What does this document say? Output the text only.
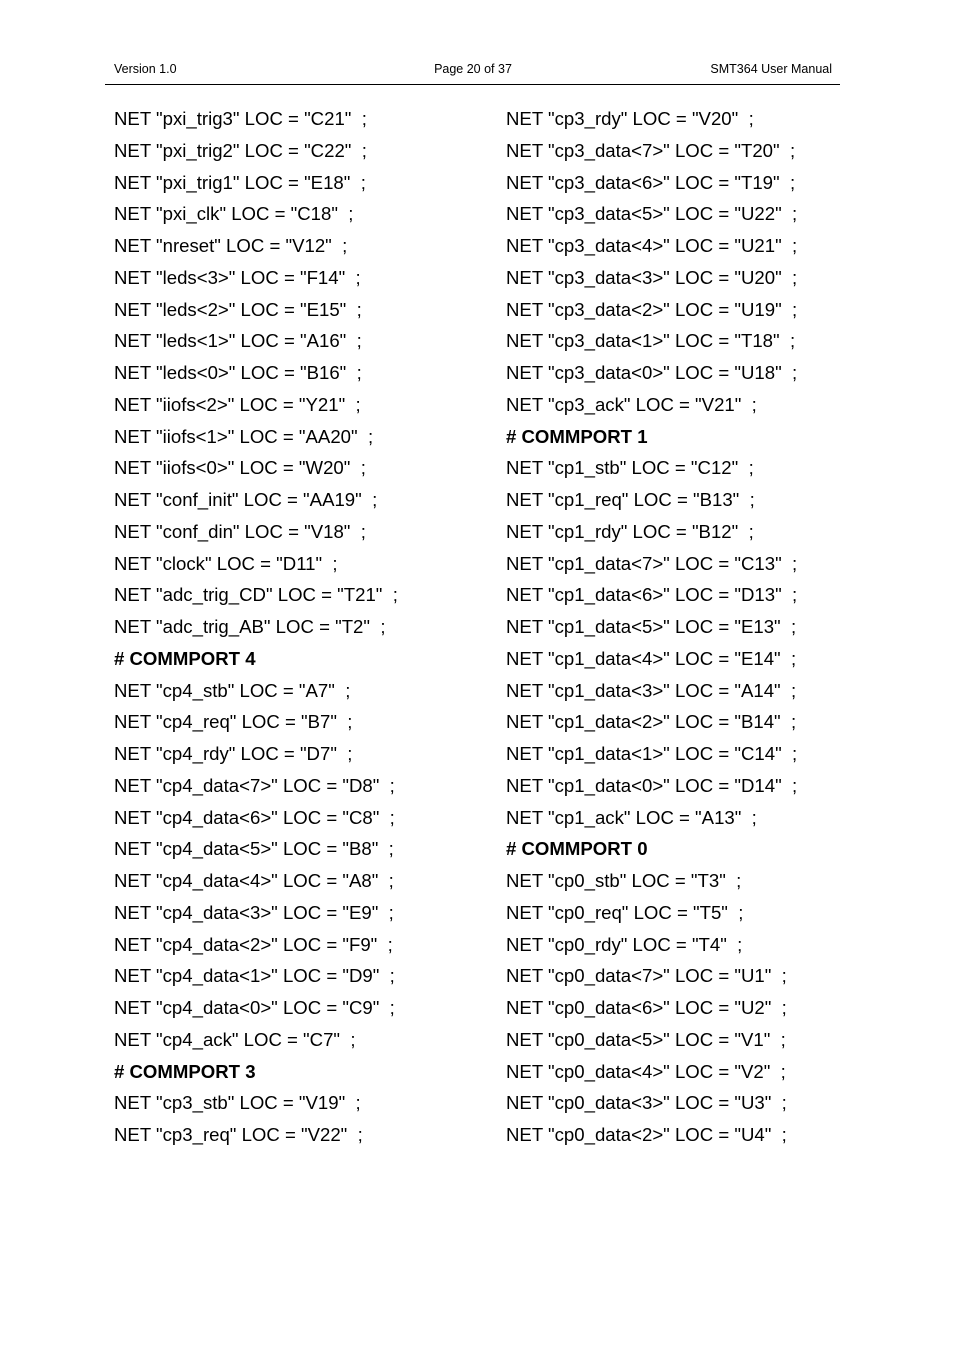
Version 1.0	Page 20 of 37	SMT364 User Manual
NET "pxi_trig3" LOC = "C21"  ;
NET "pxi_trig2" LOC = "C22"  ;
NET "pxi_trig1" LOC = "E18"  ;
NET "pxi_clk" LOC = "C18"  ;
NET "nreset" LOC = "V12"  ;
NET "leds<3>" LOC = "F14"  ;
NET "leds<2>" LOC = "E15"  ;
NET "leds<1>" LOC = "A16"  ;
NET "leds<0>" LOC = "B16"  ;
NET "iiofs<2>" LOC = "Y21"  ;
NET "iiofs<1>" LOC = "AA20"  ;
NET "iiofs<0>" LOC = "W20"  ;
NET "conf_init" LOC = "AA19"  ;
NET "conf_din" LOC = "V18"  ;
NET "clock" LOC = "D11"  ;
NET "adc_trig_CD" LOC = "T21"  ;
NET "adc_trig_AB" LOC = "T2"  ;
# COMMPORT 4
NET "cp4_stb" LOC = "A7"  ;
NET "cp4_req" LOC = "B7"  ;
NET "cp4_rdy" LOC = "D7"  ;
NET "cp4_data<7>" LOC = "D8"  ;
NET "cp4_data<6>" LOC = "C8"  ;
NET "cp4_data<5>" LOC = "B8"  ;
NET "cp4_data<4>" LOC = "A8"  ;
NET "cp4_data<3>" LOC = "E9"  ;
NET "cp4_data<2>" LOC = "F9"  ;
NET "cp4_data<1>" LOC = "D9"  ;
NET "cp4_data<0>" LOC = "C9"  ;
NET "cp4_ack" LOC = "C7"  ;
# COMMPORT 3
NET "cp3_stb" LOC = "V19"  ;
NET "cp3_req" LOC = "V22"  ;
NET "cp3_rdy" LOC = "V20"  ;
NET "cp3_data<7>" LOC = "T20"  ;
NET "cp3_data<6>" LOC = "T19"  ;
NET "cp3_data<5>" LOC = "U22"  ;
NET "cp3_data<4>" LOC = "U21"  ;
NET "cp3_data<3>" LOC = "U20"  ;
NET "cp3_data<2>" LOC = "U19"  ;
NET "cp3_data<1>" LOC = "T18"  ;
NET "cp3_data<0>" LOC = "U18"  ;
NET "cp3_ack" LOC = "V21"  ;
# COMMPORT 1
NET "cp1_stb" LOC = "C12"  ;
NET "cp1_req" LOC = "B13"  ;
NET "cp1_rdy" LOC = "B12"  ;
NET "cp1_data<7>" LOC = "C13"  ;
NET "cp1_data<6>" LOC = "D13"  ;
NET "cp1_data<5>" LOC = "E13"  ;
NET "cp1_data<4>" LOC = "E14"  ;
NET "cp1_data<3>" LOC = "A14"  ;
NET "cp1_data<2>" LOC = "B14"  ;
NET "cp1_data<1>" LOC = "C14"  ;
NET "cp1_data<0>" LOC = "D14"  ;
NET "cp1_ack" LOC = "A13"  ;
# COMMPORT 0
NET "cp0_stb" LOC = "T3"  ;
NET "cp0_req" LOC = "T5"  ;
NET "cp0_rdy" LOC = "T4"  ;
NET "cp0_data<7>" LOC = "U1"  ;
NET "cp0_data<6>" LOC = "U2"  ;
NET "cp0_data<5>" LOC = "V1"  ;
NET "cp0_data<4>" LOC = "V2"  ;
NET "cp0_data<3>" LOC = "U3"  ;
NET "cp0_data<2>" LOC = "U4"  ;
